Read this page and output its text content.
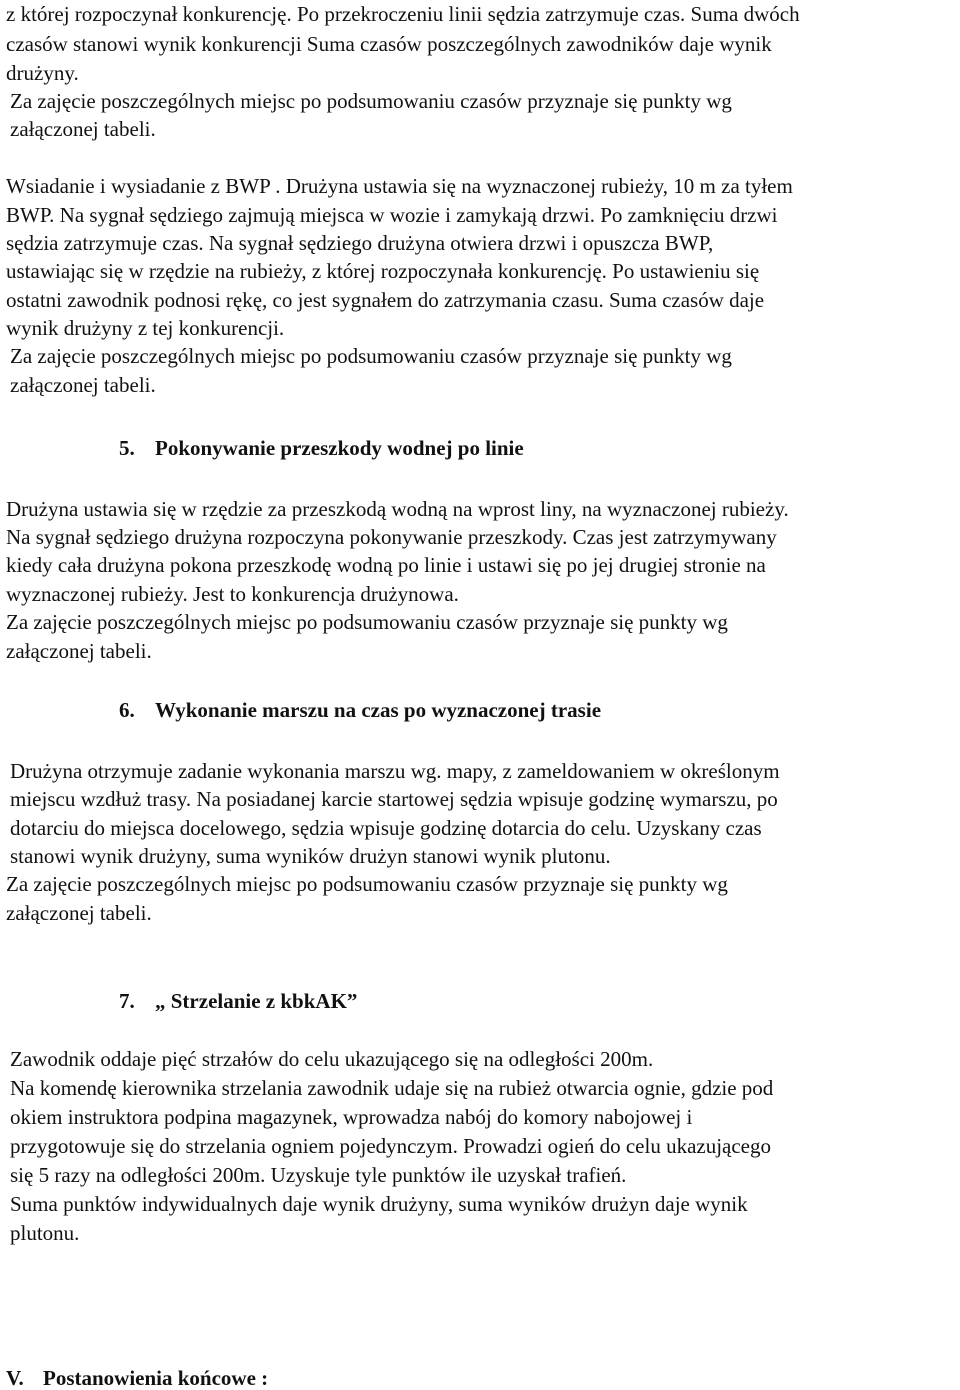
z której rozpoczynał konkurencję. Po przekroczeniu linii sędzia zatrzymuje czas. Suma dwóch
czasów stanowi wynik konkurencji Suma czasów poszczególnych zawodników daje wynik
drużyny.
Za zajęcie poszczególnych miejsc po podsumowaniu czasów przyznaje się punkty wg
załączonej tabeli.
Wsiadanie i wysiadanie z BWP . Drużyna ustawia się na wyznaczonej rubieży, 10 m za tyłem
BWP. Na sygnał sędziego zajmują miejsca w wozie i zamykają drzwi. Po zamknięciu drzwi
sędzia zatrzymuje czas. Na sygnał sędziego drużyna otwiera drzwi i opuszcza BWP,
ustawiając się w rzędzie na rubieży, z której rozpoczynała konkurencję. Po ustawieniu się
ostatni zawodnik podnosi rękę, co jest sygnałem do zatrzymania czasu. Suma czasów daje
wynik drużyny z tej konkurencji.
Za zajęcie poszczególnych miejsc po podsumowaniu czasów przyznaje się punkty wg
załączonej tabeli.
5. Pokonywanie przeszkody wodnej po linie
Drużyna ustawia się w rzędzie za przeszkodą wodną na wprost liny, na wyznaczonej rubieży.
Na sygnał sędziego drużyna rozpoczyna pokonywanie przeszkody. Czas jest zatrzymywany
kiedy cała drużyna pokona przeszkodę wodną po linie i ustawi się po jej drugiej stronie na
wyznaczonej rubieży. Jest to konkurencja drużynowa.
Za zajęcie poszczególnych miejsc po podsumowaniu czasów przyznaje się punkty wg
załączonej tabeli.
6. Wykonanie marszu na czas po wyznaczonej trasie
Drużyna otrzymuje zadanie wykonania marszu wg. mapy, z zameldowaniem w określonym
miejscu wzdłuż trasy. Na posiadanej karcie startowej sędzia wpisuje godzinę wymarszu, po
dotarciu do miejsca docelowego, sędzia wpisuje godzinę dotarcia do celu. Uzyskany czas
stanowi wynik drużyny, suma wyników drużyn stanowi wynik plutonu.
Za zajęcie poszczególnych miejsc po podsumowaniu czasów przyznaje się punkty wg
załączonej tabeli.
7. „ Strzelanie z kbkAK”
Zawodnik oddaje pięć strzałów do celu ukazującego się na odległości 200m.
Na komendę kierownika strzelania zawodnik udaje się na rubież otwarcia ognie, gdzie pod
okiem instruktora podpina magazynek, wprowadza nabój do komory nabojowej i
przygotowuje się do strzelania ogniem pojedynczym. Prowadzi ogień do celu ukazującego
się 5 razy na odległości 200m. Uzyskuje tyle punktów ile uzyskał trafień.
Suma punktów indywidualnych daje wynik drużyny, suma wyników drużyn daje wynik
plutonu.
V. Postanowienia końcowe :
